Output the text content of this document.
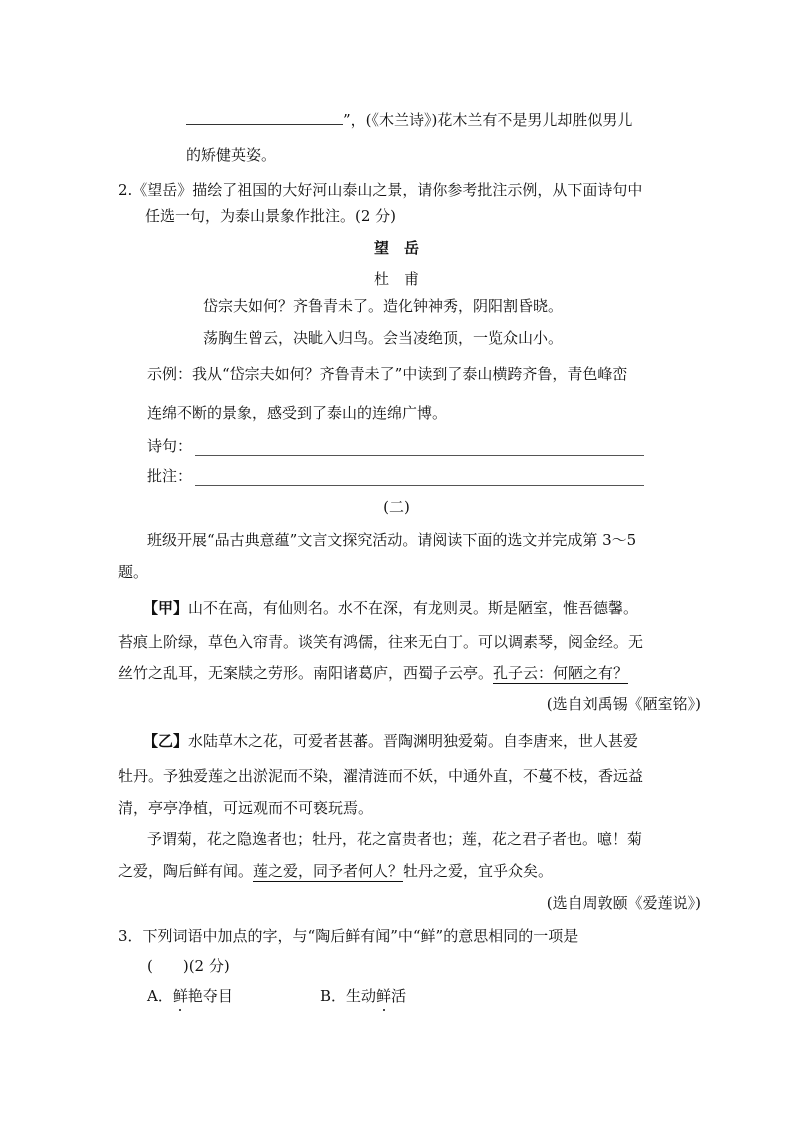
”，(《木兰诗》)花木兰有不是男儿却胜似男儿
的矫健英姿。
2.《望岳》描绘了祖国的大好河山泰山之景，请你参考批注示例，从下面诗句中
任选一句，为泰山景象作批注。(2 分)
望　岳
杜　甫
岱宗夫如何？齐鲁青未了。造化钟神秀，阴阳割昏晓。
荡胸生曾云，决眦入归鸟。会当凌绝顶，一览众山小。
示例：我从“岱宗夫如何？齐鲁青未了”中读到了泰山横跨齐鲁，青色峰峦
连绵不断的景象，感受到了泰山的连绵广博。
诗句：
批注：
(二)
班级开展“品古典意蕴”文言文探究活动。请阅读下面的选文并完成第 3～5
题。
【甲】山不在高，有仙则名。水不在深，有龙则灵。斯是陋室，惟吾德馨。
苔痕上阶绿，草色入帘青。谈笑有鸿儒，往来无白丁。可以调素琴，阅金经。无
丝竹之乱耳，无案牍之劳形。南阳诸葛庐，西蜀子云亭。孔子云：何陋之有？
(选自刘禹锡《陋室铭》)
【乙】水陆草木之花，可爱者甚蕃。晋陶渊明独爱菊。自李唐来，世人甚爱
牡丹。予独爱莲之出淤泥而不染，濯清涟而不妖，中通外直，不蔓不枝，香远益
清，亭亭净植，可远观而不可亵玩焉。
予谓菊，花之隐逸者也；牡丹，花之富贵者也；莲，花之君子者也。噫！菊
之爱，陶后鲜有闻。莲之爱，同予者何人？牡丹之爱，宜乎众矣。
(选自周敦颐《爱莲说》)
3．下列词语中加点的字，与“陶后鲜有闻”中“鲜”的意思相同的一项是
(　　)(2 分)
A．鲜艳夺目	B．生动鲜活
